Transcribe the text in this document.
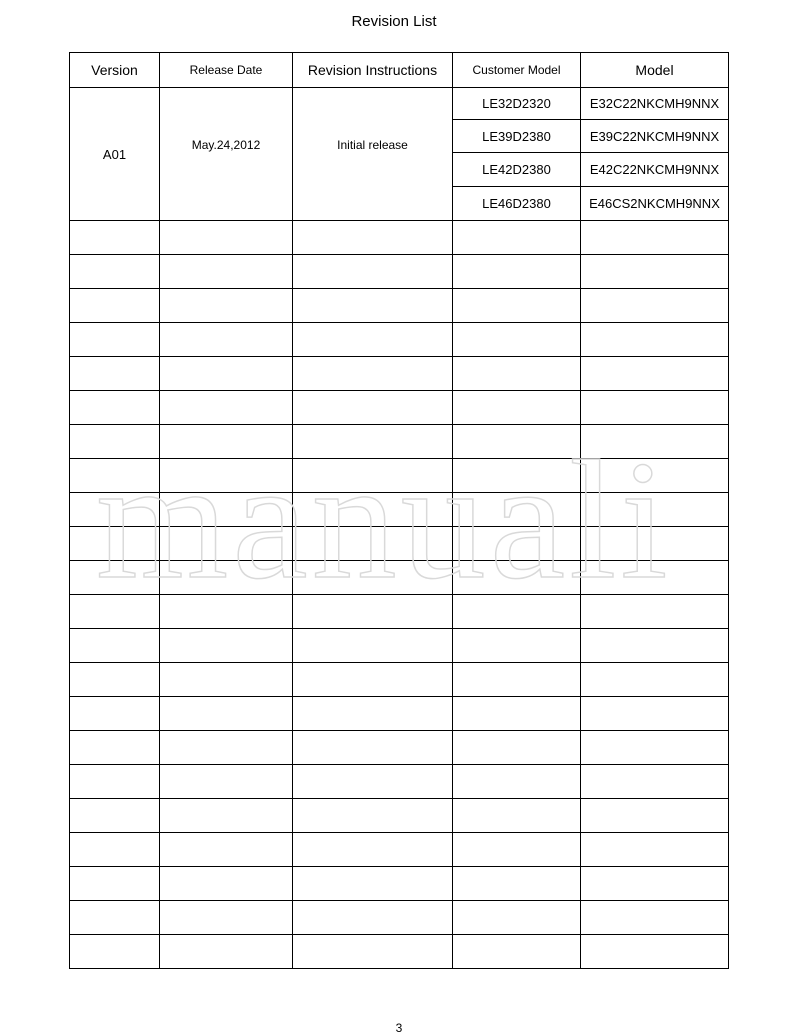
Revision List
Version	Release Date	Revision Instructions	Customer Model	Model
A01	May.24,2012	Initial release	LE32D2320	E32C22NKCMH9NNX
			LE39D2380	E39C22NKCMH9NNX
			LE42D2380	E42C22NKCMH9NNX
			LE46D2380	E46CS2NKCMH9NNX

manuali
3
